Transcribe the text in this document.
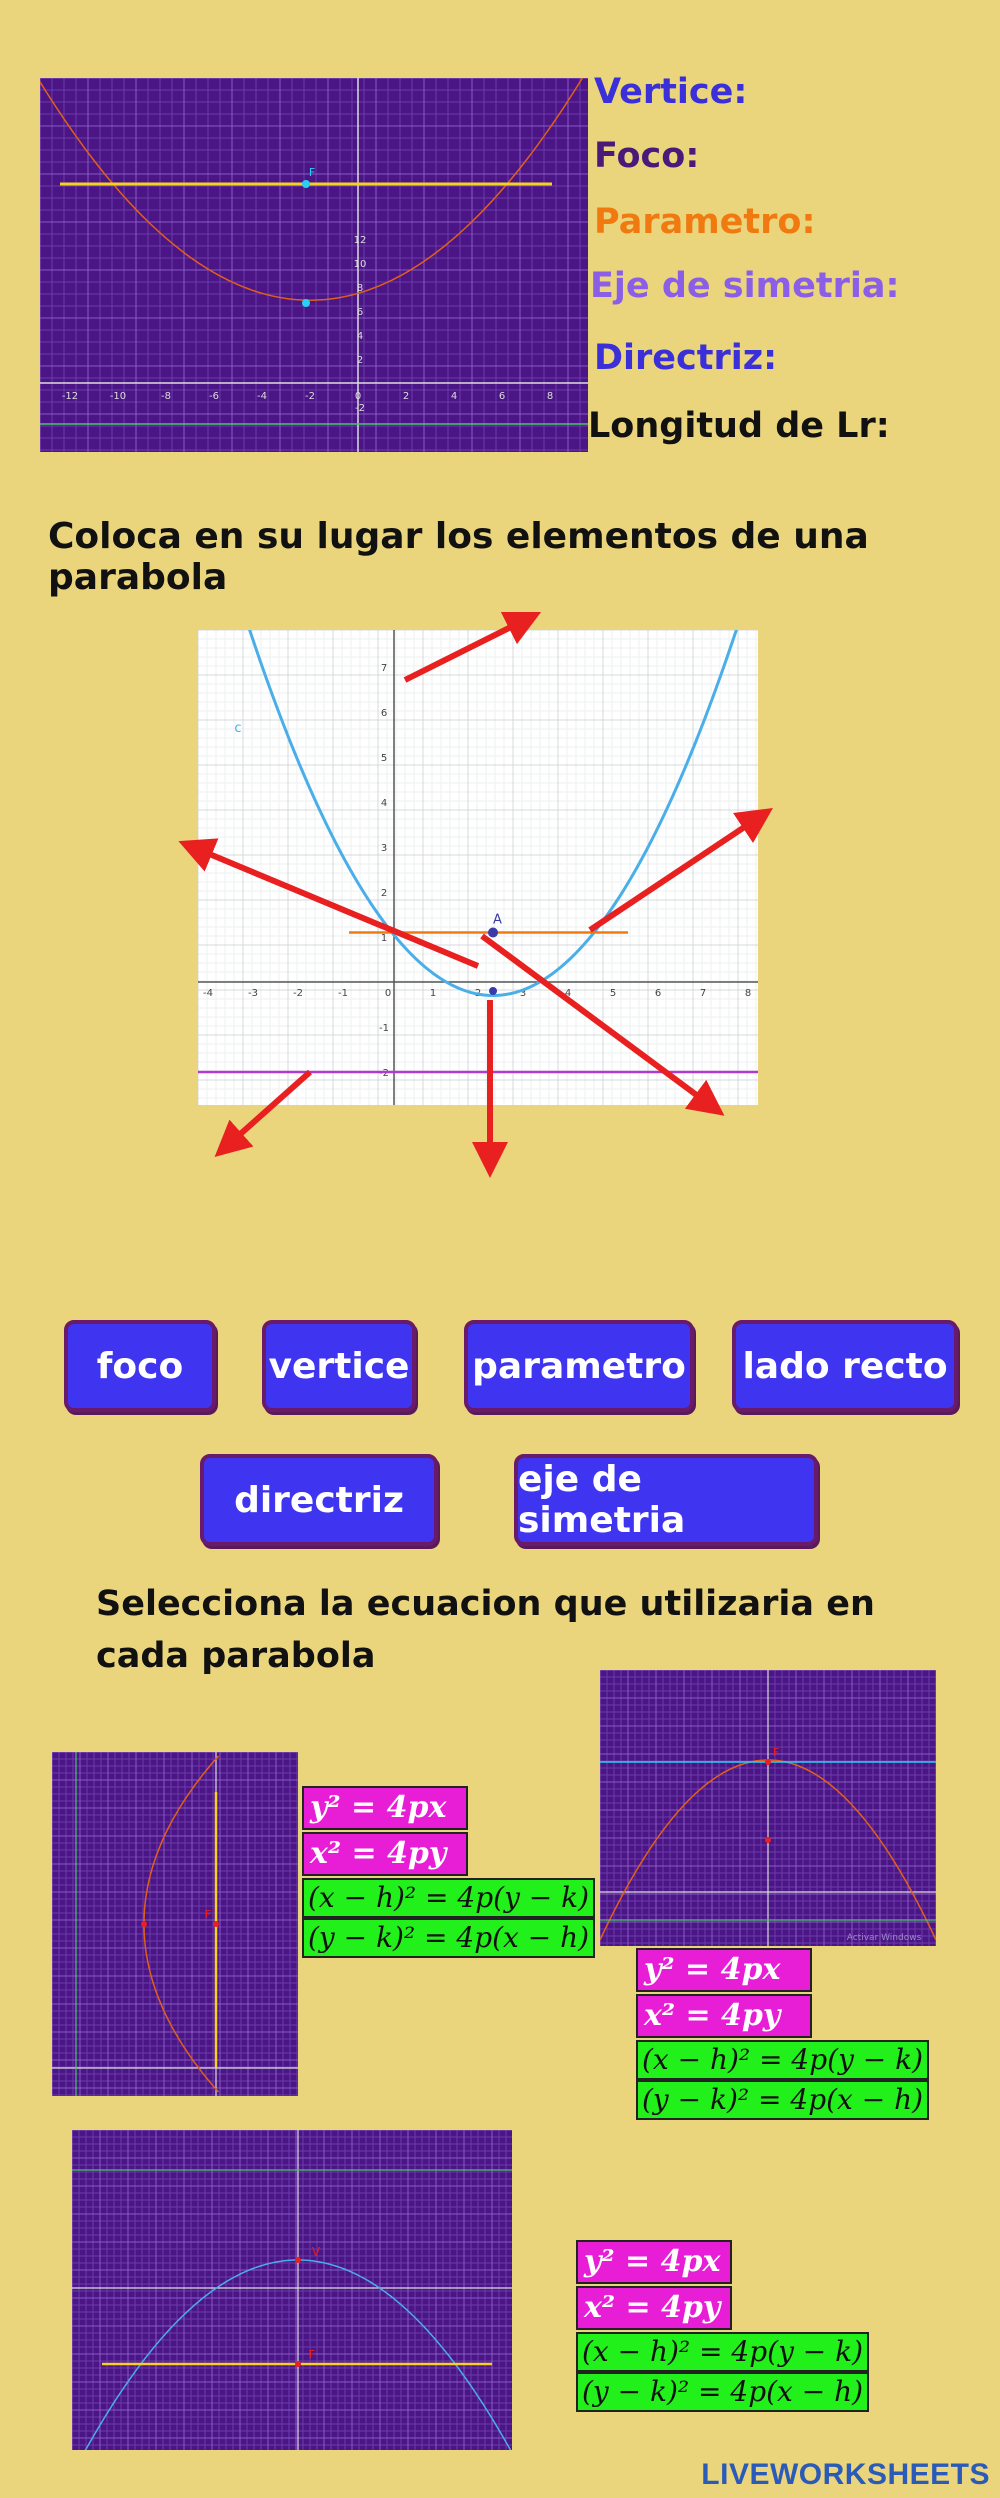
-12	-10	-8	-6	-4	-2	0	2	4	6	8
12
10
8
6
4
2
-2
F
Vertice:
Foco:
Parametro:
Eje de simetria:
Directriz:
Longitud de Lr:
Coloca en su lugar los elementos de una parabola
-4	-3	-2	-1	0	1	2	3	4	5	6	7	8
7
6
5
4
3
2
1
-1
-2
A
c
foco	vertice parametro lado recto
directriz	eje de simetria
Selecciona la ecuacion que utilizaria en cada parabola
F
F
Activar Windows
V
F
y² = 4px
x² = 4py
(x − h)² = 4p(y − k)
(y − k)² = 4p(x − h)
y² = 4px
x² = 4py
(x − h)² = 4p(y − k)
(y − k)² = 4p(x − h)
y² = 4px
x² = 4py
(x − h)² = 4p(y − k)
(y − k)² = 4p(x − h)
LIVEWORKSHEETS
